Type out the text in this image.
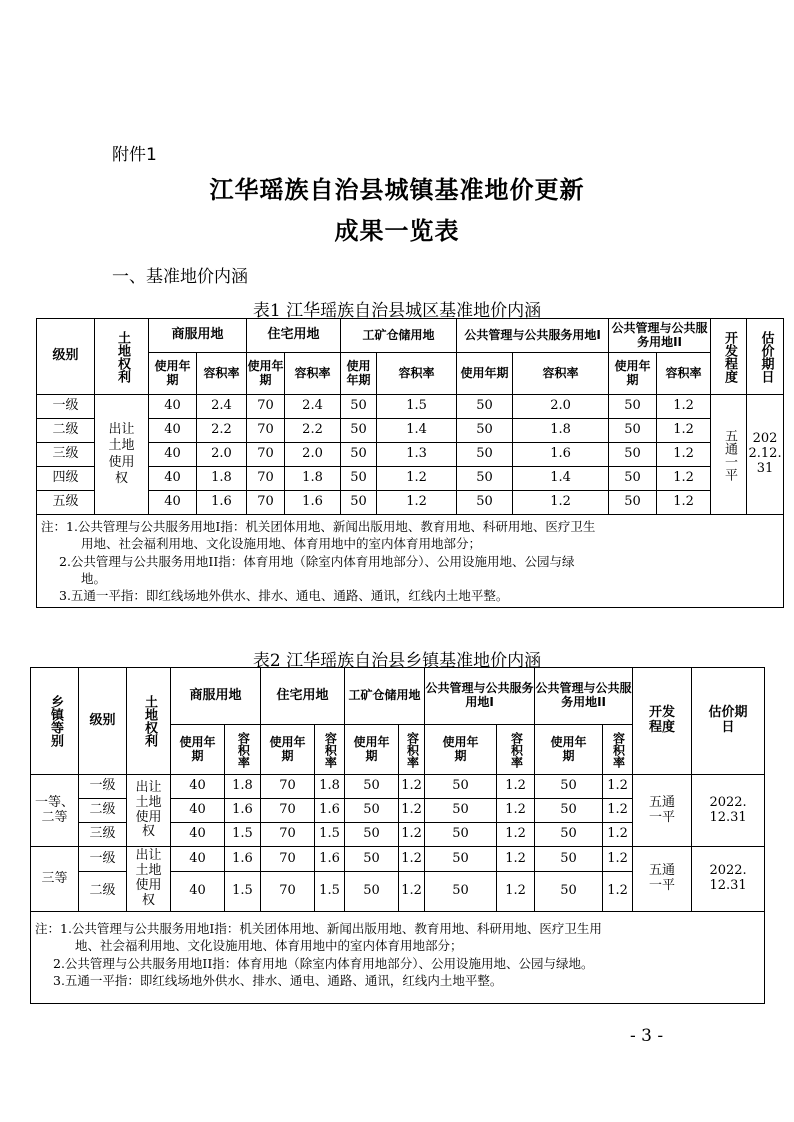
附件1
江华瑶族自治县城镇基准地价更新
成果一览表
一、基准地价内涵
表1 江华瑶族自治县城区基准地价内涵
级别	土地权利	商服用地		住宅用地		工矿仓储用地		公共管理与公共服务用地I		公共管理与公共服务用地II		开发程度	估价期日
		使用年期	容积率	使用年期	容积率	使用年期	容积率	使用年期	容积率	使用年期	容积率		
一级	出让土地使用权	40	2.4	70	2.4	50	1.5	50	2.0	50	1.2	五通一平	2022.12.31
二级		40	2.2	70	2.2	50	1.4	50	1.8	50	1.2		
三级		40	2.0	70	2.0	50	1.3	50	1.6	50	1.2		
四级		40	1.8	70	1.8	50	1.2	50	1.4	50	1.2		
五级		40	1.6	70	1.6	50	1.2	50	1.2	50	1.2		

注：1.公共管理与公共服务用地I指：机关团体用地、新闻出版用地、教育用地、科研用地、医疗卫生
用地、社会福利用地、文化设施用地、体育用地中的室内体育用地部分；
2.公共管理与公共服务用地II指：体育用地（除室内体育用地部分）、公用设施用地、公园与绿
地。
3.五通一平指：即红线场地外供水、排水、通电、通路、通讯，红线内土地平整。													
表2 江华瑶族自治县乡镇基准地价内涵
乡镇等别	级别	土地权利	商服用地		住宅用地		工矿仓储用地		公共管理与公共服务用地I		公共管理与公共服务用地II		开发程度	估价期日
			使用年期	容积率	使用年期	容积率	使用年期	容积率	使用年期	容积率	使用年期	容积率		
一等、二等	一级	出让土地使用权	40	1.8	70	1.8	50	1.2	50	1.2	50	1.2	五通一平	2022.12.31
	二级		40	1.6	70	1.6	50	1.2	50	1.2	50	1.2		
	三级		40	1.5	70	1.5	50	1.2	50	1.2	50	1.2		
三等	一级	出让土地使用权	40	1.6	70	1.6	50	1.2	50	1.2	50	1.2	五通一平	2022.12.31
	二级		40	1.5	70	1.5	50	1.2	50	1.2	50	1.2		

注：1.公共管理与公共服务用地I指：机关团体用地、新闻出版用地、教育用地、科研用地、医疗卫生用
地、社会福利用地、文化设施用地、体育用地中的室内体育用地部分；
2.公共管理与公共服务用地II指：体育用地（除室内体育用地部分）、公用设施用地、公园与绿地。
3.五通一平指：即红线场地外供水、排水、通电、通路、通讯，红线内土地平整。														
- 3 -
